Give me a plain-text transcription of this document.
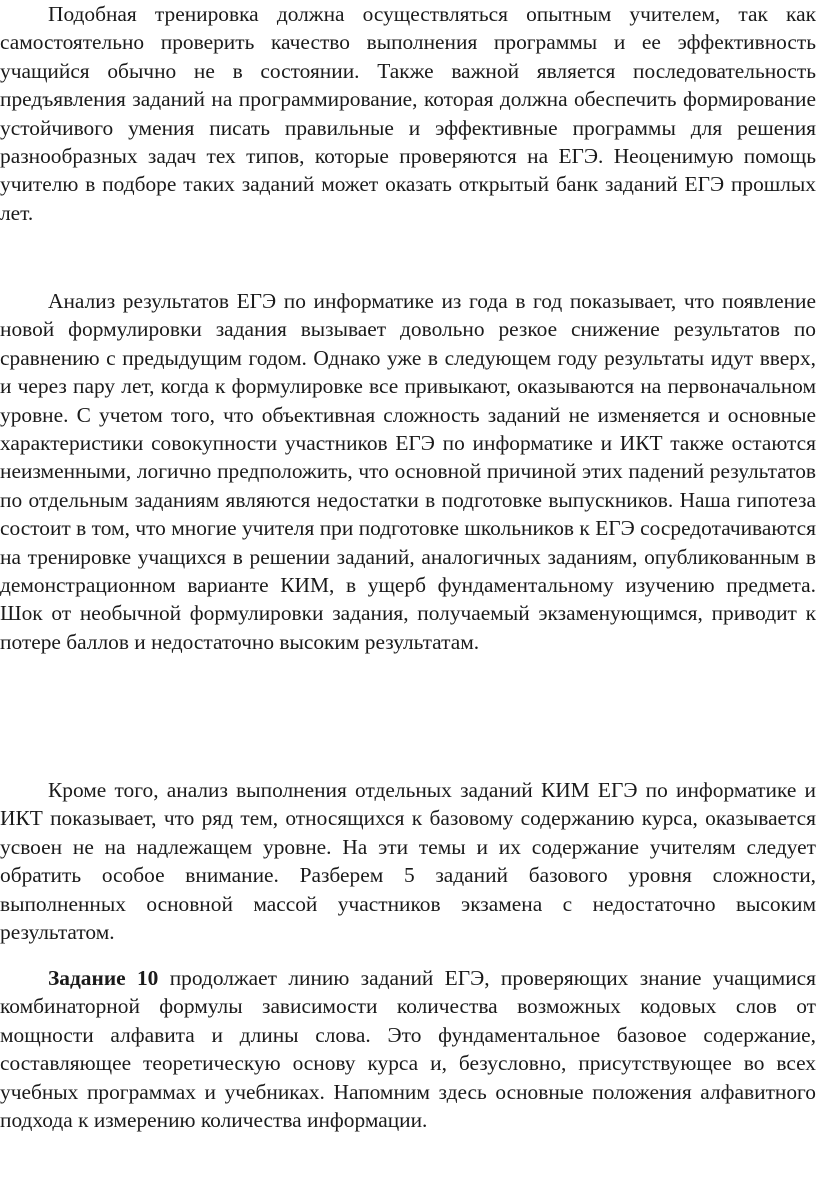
Подобная тренировка должна осуществляться опытным учителем, так как самостоятельно проверить качество выполнения программы и ее эффективность учащийся обычно не в состоянии. Также важной является последовательность предъявления заданий на программирование, которая должна обеспечить формирование устойчивого умения писать правильные и эффективные программы для решения разнообразных задач тех типов, которые проверяются на ЕГЭ. Неоценимую помощь учителю в подборе таких заданий может оказать открытый банк заданий ЕГЭ прошлых лет.

Анализ результатов ЕГЭ по информатике из года в год показывает, что появление новой формулировки задания вызывает довольно резкое снижение результатов по сравнению с предыдущим годом. Однако уже в следующем году результаты идут вверх, и через пару лет, когда к формулировке все привыкают, оказываются на первоначальном уровне. С учетом того, что объективная сложность заданий не изменяется и основные характеристики совокупности участников ЕГЭ по информатике и ИКТ также остаются неизменными, логично предположить, что основной причиной этих падений результатов по отдельным заданиям являются недостатки в подготовке выпускников. Наша гипотеза состоит в том, что многие учителя при подготовке школьников к ЕГЭ сосредотачиваются на тренировке учащихся в решении заданий, аналогичных заданиям, опубликованным в демонстрационном варианте КИМ, в ущерб фундаментальному изучению предмета. Шок от необычной формулировки задания, получаемый экзаменующимся, приводит к потере баллов и недостаточно высоким результатам.

Кроме того, анализ выполнения отдельных заданий КИМ ЕГЭ по информатике и ИКТ показывает, что ряд тем, относящихся к базовому содержанию курса, оказывается усвоен не на надлежащем уровне. На эти темы и их содержание учителям следует обратить особое внимание. Разберем 5 заданий базового уровня сложности, выполненных основной массой участников экзамена с недостаточно высоким результатом.

Задание 10 продолжает линию заданий ЕГЭ, проверяющих знание учащимися комбинаторной формулы зависимости количества возможных кодовых слов от мощности алфавита и длины слова. Это фундаментальное базовое содержание, составляющее теоретическую основу курса и, безусловно, присутствующее во всех учебных программах и учебниках. Напомним здесь основные положения алфавитного подхода к измерению количества информации.
